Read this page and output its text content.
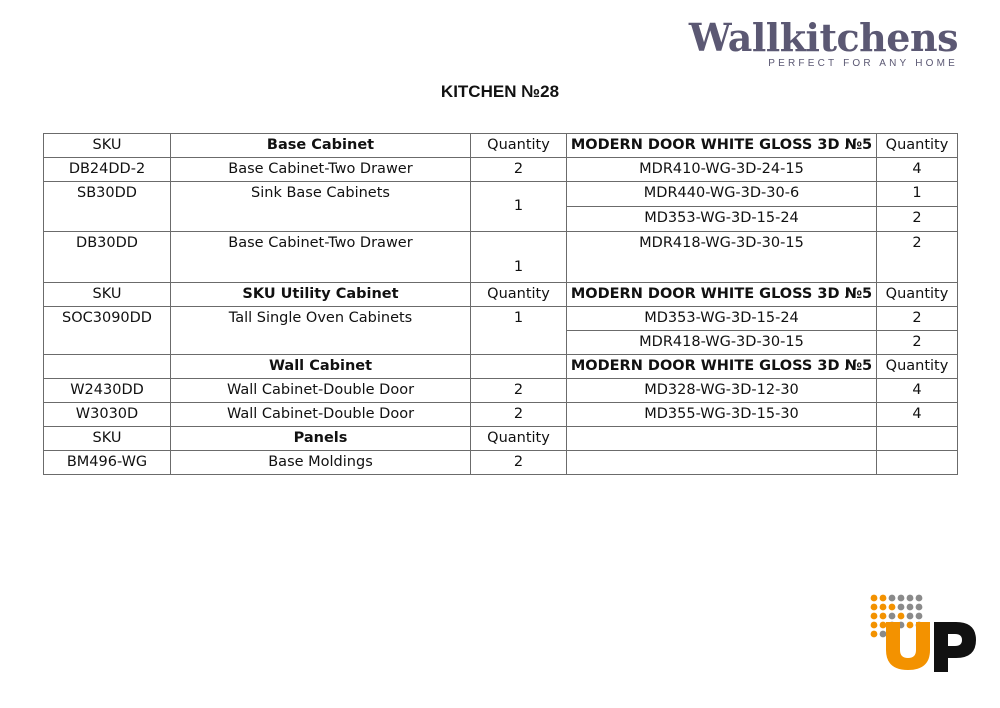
Wallkitchens
PERFECT FOR ANY HOME
KITCHEN №28
SKU	Base Cabinet	Quantity	MODERN DOOR WHITE GLOSS 3D №5	Quantity
DB24DD-2	Base Cabinet-Two Drawer	2	MDR410-WG-3D-24-15	4
SB30DD	Sink Base Cabinets	1	MDR440-WG-3D-30-6	1
			MD353-WG-3D-15-24	2
DB30DD	Base Cabinet-Two Drawer	1	MDR418-WG-3D-30-15	2
SKU	SKU Utility Cabinet	Quantity	MODERN DOOR WHITE GLOSS 3D №5	Quantity
SOC3090DD	Tall Single Oven Cabinets	1	MD353-WG-3D-15-24	2
			MDR418-WG-3D-30-15	2
	Wall Cabinet		MODERN DOOR WHITE GLOSS 3D №5	Quantity
W2430DD	Wall Cabinet-Double Door	2	MD328-WG-3D-12-30	4
W3030D	Wall Cabinet-Double Door	2	MD355-WG-3D-15-30	4
SKU	Panels	Quantity		
BM496-WG	Base Moldings	2		
